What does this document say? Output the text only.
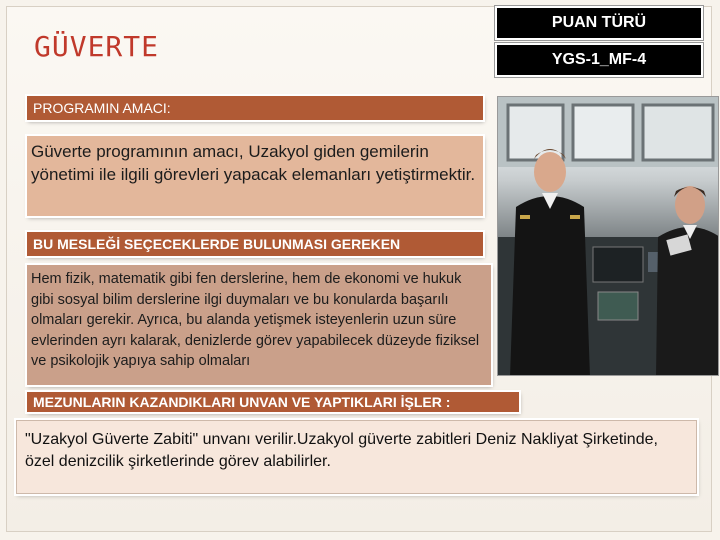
GÜVERTE
PUAN TÜRÜ
YGS-1_MF-4
PROGRAMIN AMACI:
Güverte programının amacı, Uzakyol giden gemilerin yönetimi ile ilgili görevleri yapacak elemanları yetiştirmektir.
BU MESLEĞİ SEÇECEKLERDE BULUNMASI GEREKEN
Hem fizik, matematik gibi fen derslerine, hem de ekonomi ve hukuk gibi sosyal bilim derslerine ilgi duymaları ve bu konularda başarılı olmaları gerekir. Ayrıca, bu alanda yetişmek isteyenlerin uzun süre evlerinden ayrı kalarak, denizlerde görev yapabilecek düzeyde fiziksel ve psikolojik yapıya sahip olmaları
MEZUNLARIN KAZANDIKLARI UNVAN VE YAPTIKLARI İŞLER :
"Uzakyol Güverte Zabiti" unvanı verilir.Uzakyol güverte zabitleri Deniz Nakliyat Şirketinde, özel denizcilik şirketlerinde görev alabilirler.
